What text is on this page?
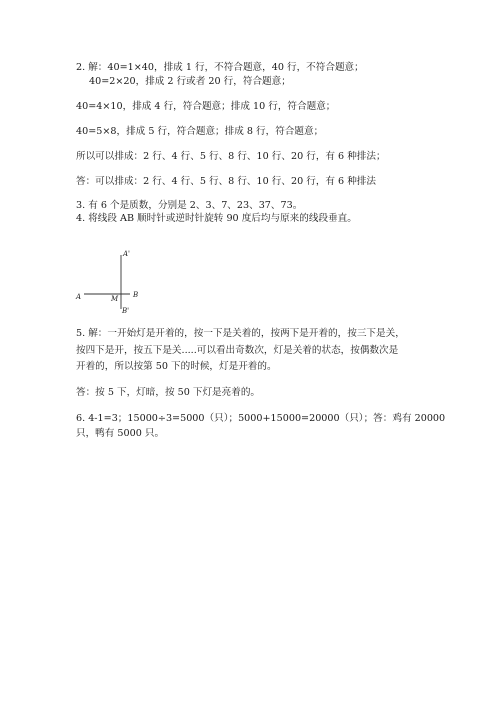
2. 解：40=1×40，排成 1 行，不符合题意，40 行，不符合题意；
40=2×20，排成 2 行或者 20 行，符合题意；
40=4×10，排成 4 行，符合题意；排成 10 行，符合题意；
40=5×8，排成 5 行，符合题意；排成 8 行，符合题意；
所以可以排成：2 行、4 行、5 行、8 行、10 行、20 行，有 6 种排法；
答：可以排成：2 行、4 行、5 行、8 行、10 行、20 行，有 6 种排法
3. 有 6 个是质数，分别是 2、3、7、23、37、73。
4. 将线段 AB 顺时针或逆时针旋转 90 度后均与原来的线段垂直。
A'
A	M B
B'
5. 解：一开始灯是开着的，按一下是关着的，按两下是开着的，按三下是关，
按四下是开，按五下是关.....可以看出奇数次，灯是关着的状态，按偶数次是
开着的，所以按第 50 下的时候，灯是开着的。
答：按 5 下，灯暗，按 50 下灯是亮着的。
6. 4-1=3；15000÷3=5000（只）；5000+15000=20000（只）；答：鸡有 20000
只，鸭有 5000 只。
